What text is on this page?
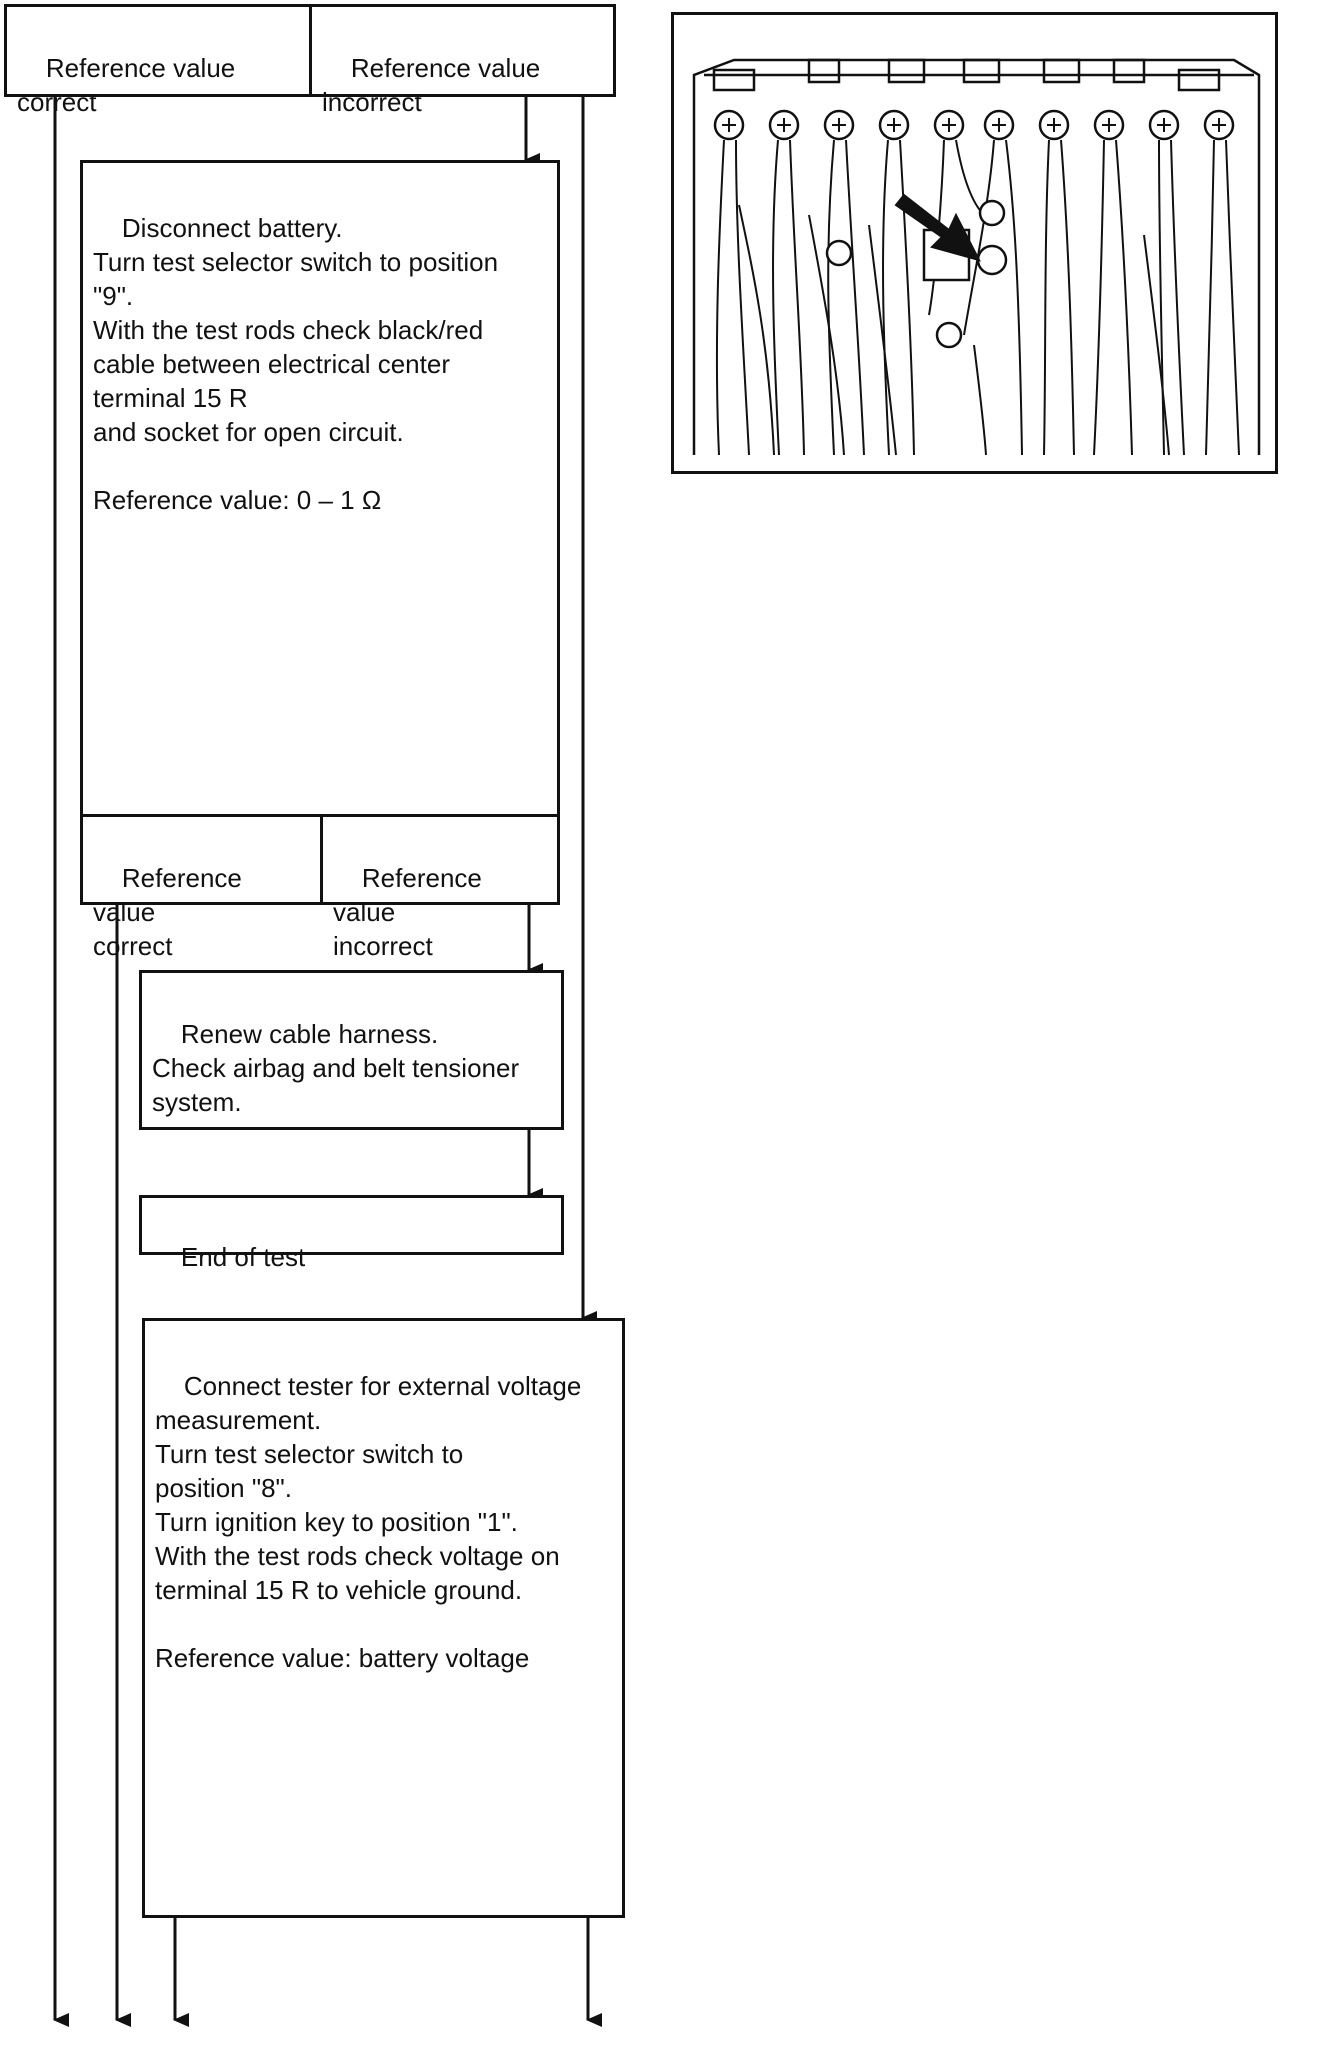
Reference value
correct

Reference value
incorrect

Disconnect battery.
Turn test selector switch to position
"9".
With the test rods check black/red
cable between electrical center
terminal 15 R
and socket for open circuit.

Reference value: 0 – 1 Ω

Reference value
correct

Reference value
incorrect

Renew cable harness.
Check airbag and belt tensioner
system.

End of test

Connect tester for external voltage
measurement.
Turn test selector switch to
position "8".
Turn ignition key to position "1".
With the test rods check voltage on
terminal 15 R to vehicle ground.

Reference value: battery voltage
